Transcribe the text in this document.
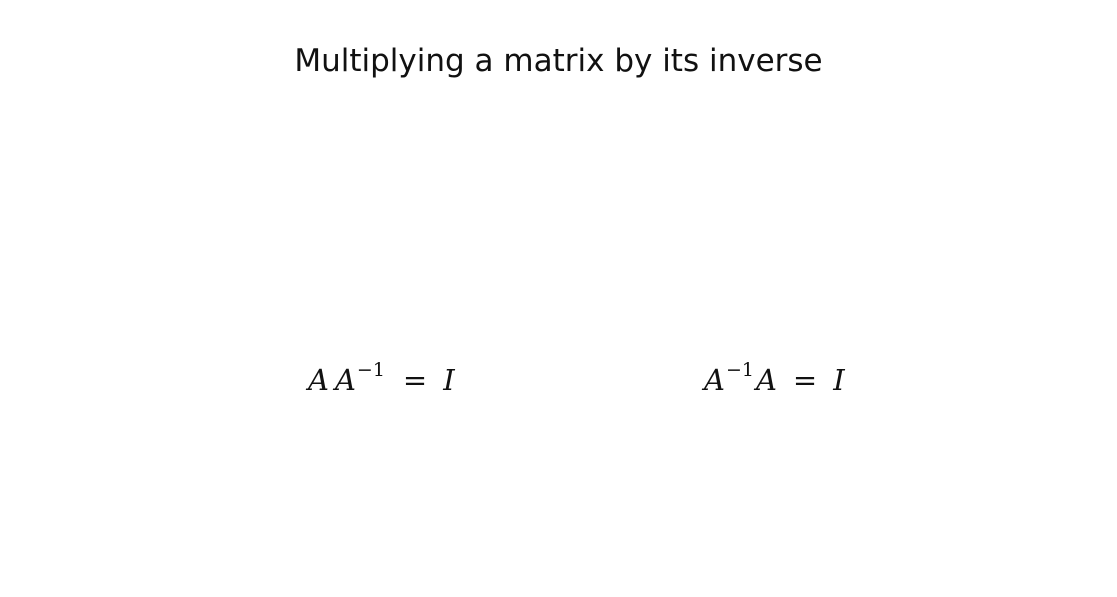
Multiplying a matrix by its inverse
A A−1 = I	A−1A = I
